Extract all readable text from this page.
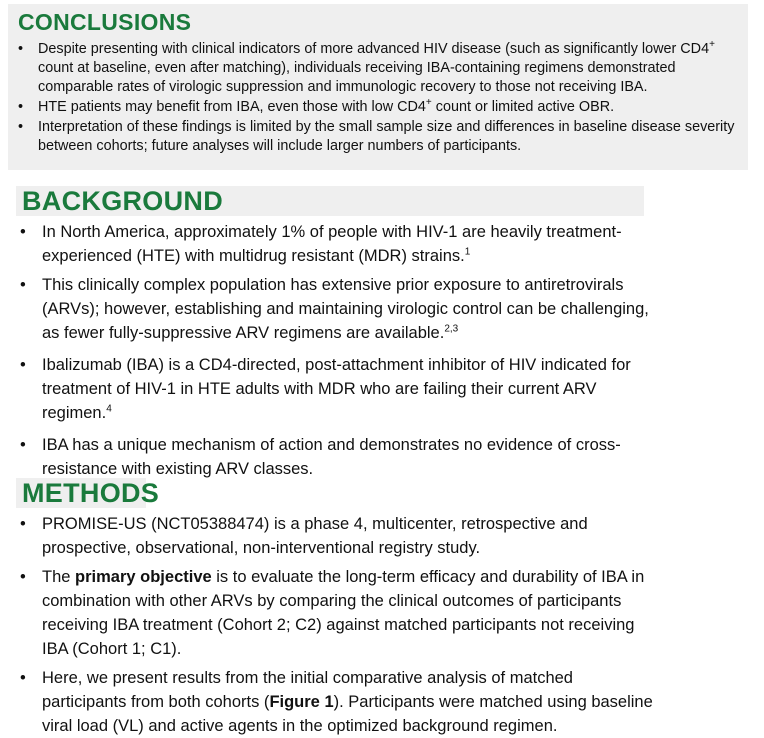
CONCLUSIONS
• Despite presenting with clinical indicators of more advanced HIV disease (such as significantly lower CD4+ count at baseline, even after matching), individuals receiving IBA-containing regimens demonstrated comparable rates of virologic suppression and immunologic recovery to those not receiving IBA.
• HTE patients may benefit from IBA, even those with low CD4+ count or limited active OBR.
• Interpretation of these findings is limited by the small sample size and differences in baseline disease severity between cohorts; future analyses will include larger numbers of participants.
BACKGROUND
• In North America, approximately 1% of people with HIV-1 are heavily treatment-experienced (HTE) with multidrug resistant (MDR) strains.$^1$
• This clinically complex population has extensive prior exposure to antiretrovirals (ARVs); however, establishing and maintaining virologic control can be challenging, as fewer fully-suppressive ARV regimens are available.$^{2,3}$
• Ibalizumab (IBA) is a CD4-directed, post-attachment inhibitor of HIV indicated for treatment of HIV-1 in HTE adults with MDR who are failing their current ARV regimen.$^4$
• IBA has a unique mechanism of action and demonstrates no evidence of cross-resistance with existing ARV classes.
METHODS
• PROMISE-US (NCT05388474) is a phase 4, multicenter, retrospective and prospective, observational, non-interventional registry study.
• The primary objective is to evaluate the long-term efficacy and durability of IBA in combination with other ARVs by comparing the clinical outcomes of participants receiving IBA treatment (Cohort 2; C2) against matched participants not receiving IBA (Cohort 1; C1).
• Here, we present results from the initial comparative analysis of matched participants from both cohorts (Figure 1). Participants were matched using baseline viral load (VL) and active agents in the optimized background regimen.
